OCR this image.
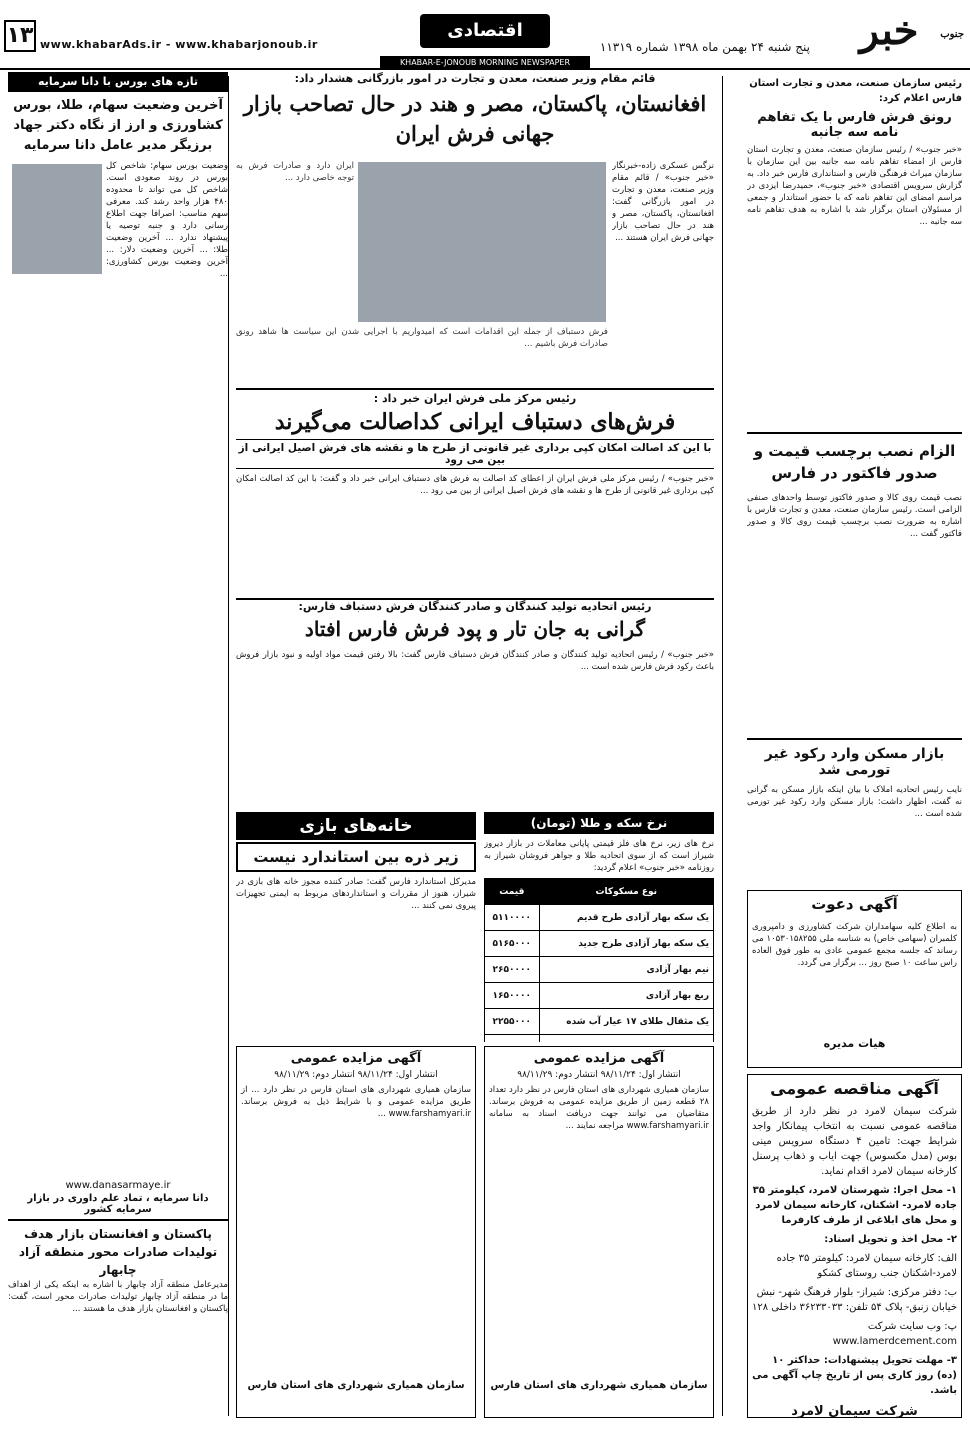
خبر جنوب
پنج شنبه ۲۴ بهمن ماه ۱۳۹۸ شماره ۱۱۳۱۹
اقتصادی
www.khabarAds.ir - www.khabarjonoub.ir
۱۳
KHABAR-E-JONOUB MORNING NEWSPAPER
رئیس سازمان صنعت، معدن و تجارت استان فارس اعلام کرد:
رونق فرش فارس با یک تفاهم نامه سه جانبه
«خبر جنوب» / رئیس سازمان صنعت، معدن و تجارت استان فارس از امضاء تفاهم نامه سه جانبه بین این سازمان با سازمان میراث فرهنگی فارس و استانداری فارس خبر داد. به گزارش سرویس اقتصادی «خبر جنوب»، حمیدرضا ایزدی در مراسم امضای این تفاهم نامه که با حضور استاندار و جمعی از مسئولان استان برگزار شد با اشاره به هدف تفاهم نامه سه جانبه ...
الزام نصب برچسب قیمت و صدور فاکتور در فارس
نصب قیمت روی کالا و صدور فاکتور توسط واحدهای صنفی الزامی است. رئیس سازمان صنعت، معدن و تجارت فارس با اشاره به ضرورت نصب برچسب قیمت روی کالا و صدور فاکتور گفت ...
بازار مسکن وارد رکود غیر تورمی شد
نایب رئیس اتحادیه املاک با بیان اینکه بازار مسکن به گرانی نه گفت، اظهار داشت: بازار مسکن وارد رکود غیر تورمی شده است ...
قائم مقام وزیر صنعت، معدن و تجارت در امور بازرگانی هشدار داد:
افغانستان، پاکستان، مصر و هند در حال تصاحب بازار جهانی فرش ایران
نرگس عسکری زاده-خبرنگار «خبر جنوب» / قائم مقام وزیر صنعت، معدن و تجارت در امور بازرگانی گفت: افغانستان، پاکستان، مصر و هند در حال تصاحب بازار جهانی فرش ایران هستند ...
ایران دارد و صادرات فرش به توجه خاصی دارد ...
فرش دستباف از جمله این اقدامات است که امیدواریم با اجرایی شدن این سیاست ها شاهد رونق صادرات فرش باشیم ...
رئیس مرکز ملی فرش ایران خبر داد :
فرش‌های دستباف ایرانی کداصالت می‌گیرند
با این کد اصالت امکان کپی برداری غیر قانونی از طرح ها و نقشه های فرش اصیل ایرانی از بین می رود
«خبر جنوب» / رئیس مرکز ملی فرش ایران از اعطای کد اصالت به فرش های دستباف ایرانی خبر داد و گفت: با این کد اصالت امکان کپی برداری غیر قانونی از طرح ها و نقشه های فرش اصیل ایرانی از بین می رود ...
رئیس اتحادیه تولید کنندگان و صادر کنندگان فرش دستباف فارس:
گرانی به جان تار و پود فرش فارس افتاد
«خبر جنوب» / رئیس اتحادیه تولید کنندگان و صادر کنندگان فرش دستباف فارس گفت: بالا رفتن قیمت مواد اولیه و نبود بازار فروش باعث رکود فرش فارس شده است ...
نرخ سکه و طلا (تومان)
نرخ های زیر، نرخ های فلز قیمتی پایانی معاملات در بازار دیروز شیراز است که از سوی اتحادیه طلا و جواهر فروشان شیراز به روزنامه «خبر جنوب» اعلام گردید:
نوع مسکوکات	قیمت
یک سکه بهار آزادی طرح قدیم	۵۱۱۰۰۰۰
یک سکه بهار آزادی طرح جدید	۵۱۶۵۰۰۰
نیم بهار آزادی	۲۶۵۰۰۰۰
ربع بهار آزادی	۱۶۵۰۰۰۰
یک مثقال طلای ۱۷ عیار آب شده	۲۲۵۵۰۰۰

خانه‌های بازی
زیر ذره بین استاندارد نیست
مدیرکل استاندارد فارس گفت: صادر کننده مجوز خانه های بازی در شیراز، هنوز از مقررات و استانداردهای مربوط به ایمنی تجهیزات پیروی نمی کنند ...
آگهی مزایده عمومی
انتشار اول: ۹۸/۱۱/۲۴ انتشار دوم: ۹۸/۱۱/۲۹
سازمان همیاری شهرداری های استان فارس در نظر دارد تعداد ۲۸ قطعه زمین از طریق مزایده عمومی به فروش برساند. متقاضیان می توانند جهت دریافت اسناد به سامانه www.farshamyari.ir مراجعه نمایند ...
سازمان همیاری شهرداری های استان فارس
آگهی مزایده عمومی
انتشار اول: ۹۸/۱۱/۲۴ انتشار دوم: ۹۸/۱۱/۲۹
سازمان همیاری شهرداری های استان فارس در نظر دارد ... از طریق مزایده عمومی و با شرایط ذیل به فروش برساند. www.farshamyari.ir ...
سازمان همیاری شهرداری های استان فارس
آگهی دعوت
به اطلاع کلیه سهامداران شرکت کشاورزی و دامپروری کلمبران (سهامی خاص) به شناسه ملی ۱۰۵۳۰۱۵۸۲۵۵ می رساند که جلسه مجمع عمومی عادی به طور فوق العاده راس ساعت ۱۰ صبح روز ... برگزار می گردد.
هیات مدیره
آگهی مناقصه عمومی
شرکت سیمان لامرد در نظر دارد از طریق مناقصه عمومی نسبت به انتخاب پیمانکار واجد شرایط جهت: تامین ۴ دستگاه سرویس مینی بوس (مدل مکسوس) جهت ایاب و ذهاب پرسنل کارخانه سیمان لامرد اقدام نماید.
۱- محل اجرا: شهرستان لامرد، کیلومتر ۳۵ جاده لامرد- اشکنان، کارخانه سیمان لامرد و محل های ابلاغی از طرف کارفرما
۲- محل اخذ و تحویل اسناد:
الف: کارخانه سیمان لامرد: کیلومتر ۳۵ جاده لامرد-اشکنان جنب روستای کشکو
ب: دفتر مرکزی: شیراز- بلوار فرهنگ شهر- نبش خیابان زنبق- پلاک ۵۴ تلفن: ۳۶۲۳۳۰۳۳ داخلی ۱۲۸
پ: وب سایت شرکت www.lamerdcement.com
۳- مهلت تحویل پیشنهادات: حداکثر ۱۰ (ده) روز کاری پس از تاریخ چاپ آگهی می باشد.
شرکت سیمان لامرد
تازه های بورس با دانا سرمایه
آخرین وضعیت سهام، طلا، بورس کشاورزی و ارز از نگاه دکتر جهاد برزیگر مدیر عامل دانا سرمایه
وضعیت بورس سهام: شاخص کل بورس در روند صعودی است. شاخص کل می تواند تا محدوده ۴۸۰ هزار واحد رشد کند. معرفی سهم مناسب: اصرافا جهت اطلاع رسانی دارد و جنبه توصیه یا پیشنهاد ندارد ... آخرین وضعیت طلا: ... آخرین وضعیت دلار: ... آخرین وضعیت بورس کشاورزی: ...
www.danasarmaye.ir
دانا سرمایه ، تماد علم داوری در بازار سرمایه کشور
پاکستان و افغانستان بازار هدف تولیدات صادرات محور منطقه آزاد چابهار
مدیرعامل منطقه آزاد چابهار با اشاره به اینکه یکی از اهداف ما در منطقه آزاد چابهار تولیدات صادرات محور است، گفت: پاکستان و افغانستان بازار هدف ما هستند ...
